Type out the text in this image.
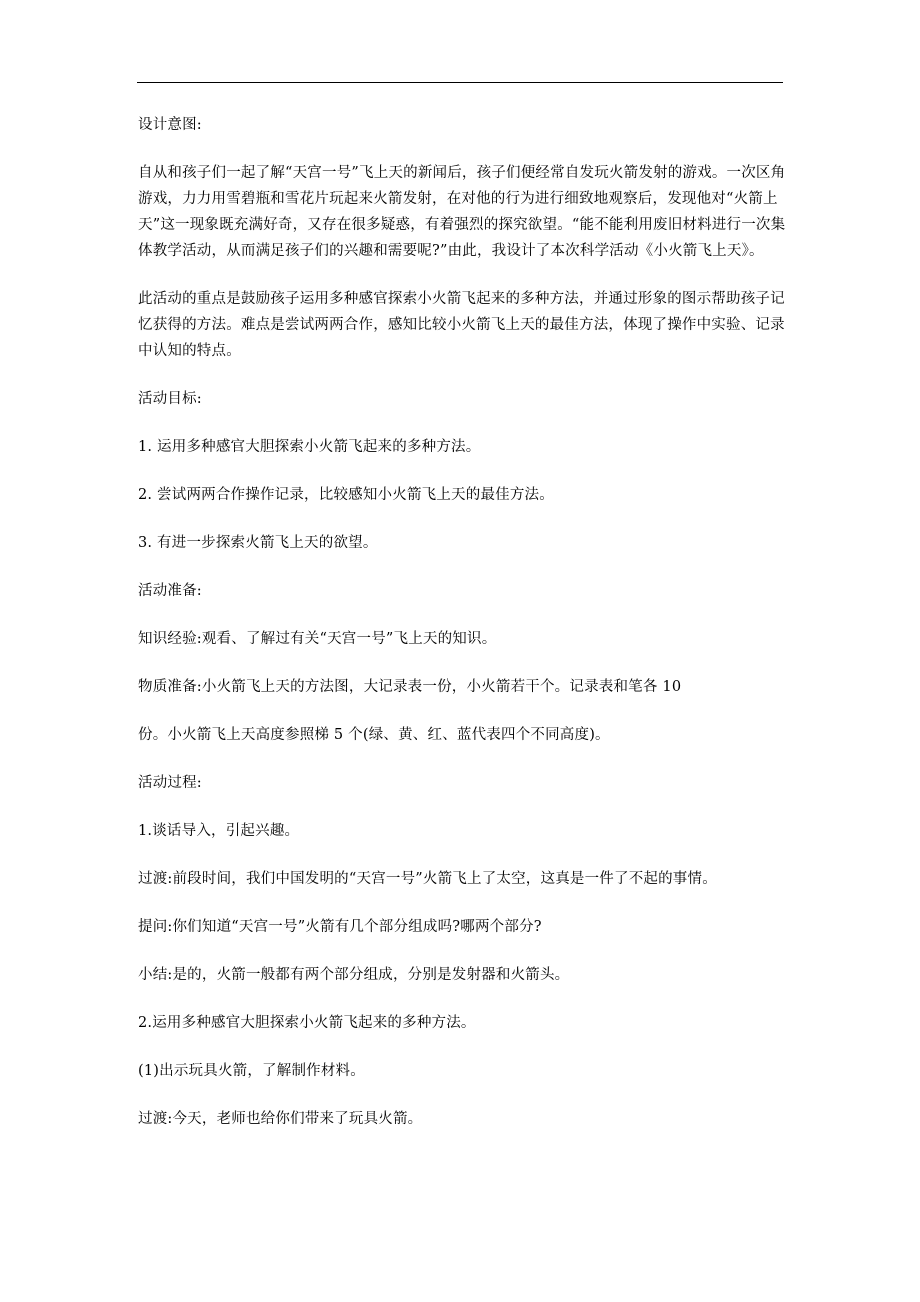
设计意图:

自从和孩子们一起了解“天宫一号”飞上天的新闻后，孩子们便经常自发玩火箭发射的游戏。一次区角游戏，力力用雪碧瓶和雪花片玩起来火箭发射，在对他的行为进行细致地观察后，发现他对“火箭上天”这一现象既充满好奇，又存在很多疑惑，有着强烈的探究欲望。“能不能利用废旧材料进行一次集体教学活动，从而满足孩子们的兴趣和需要呢?”由此，我设计了本次科学活动《小火箭飞上天》。

此活动的重点是鼓励孩子运用多种感官探索小火箭飞起来的多种方法，并通过形象的图示帮助孩子记忆获得的方法。难点是尝试两两合作，感知比较小火箭飞上天的最佳方法，体现了操作中实验、记录中认知的特点。

活动目标:

1. 运用多种感官大胆探索小火箭飞起来的多种方法。

2. 尝试两两合作操作记录，比较感知小火箭飞上天的最佳方法。

3. 有进一步探索火箭飞上天的欲望。

活动准备:

知识经验:观看、了解过有关“天宫一号”飞上天的知识。

物质准备:小火箭飞上天的方法图，大记录表一份，小火箭若干个。记录表和笔各 10

份。小火箭飞上天高度参照梯 5 个(绿、黄、红、蓝代表四个不同高度)。

活动过程:

1.谈话导入，引起兴趣。

过渡:前段时间，我们中国发明的“天宫一号”火箭飞上了太空，这真是一件了不起的事情。

提问:你们知道“天宫一号”火箭有几个部分组成吗?哪两个部分?

小结:是的，火箭一般都有两个部分组成，分别是发射器和火箭头。

2.运用多种感官大胆探索小火箭飞起来的多种方法。

(1)出示玩具火箭，了解制作材料。

过渡:今天，老师也给你们带来了玩具火箭。
